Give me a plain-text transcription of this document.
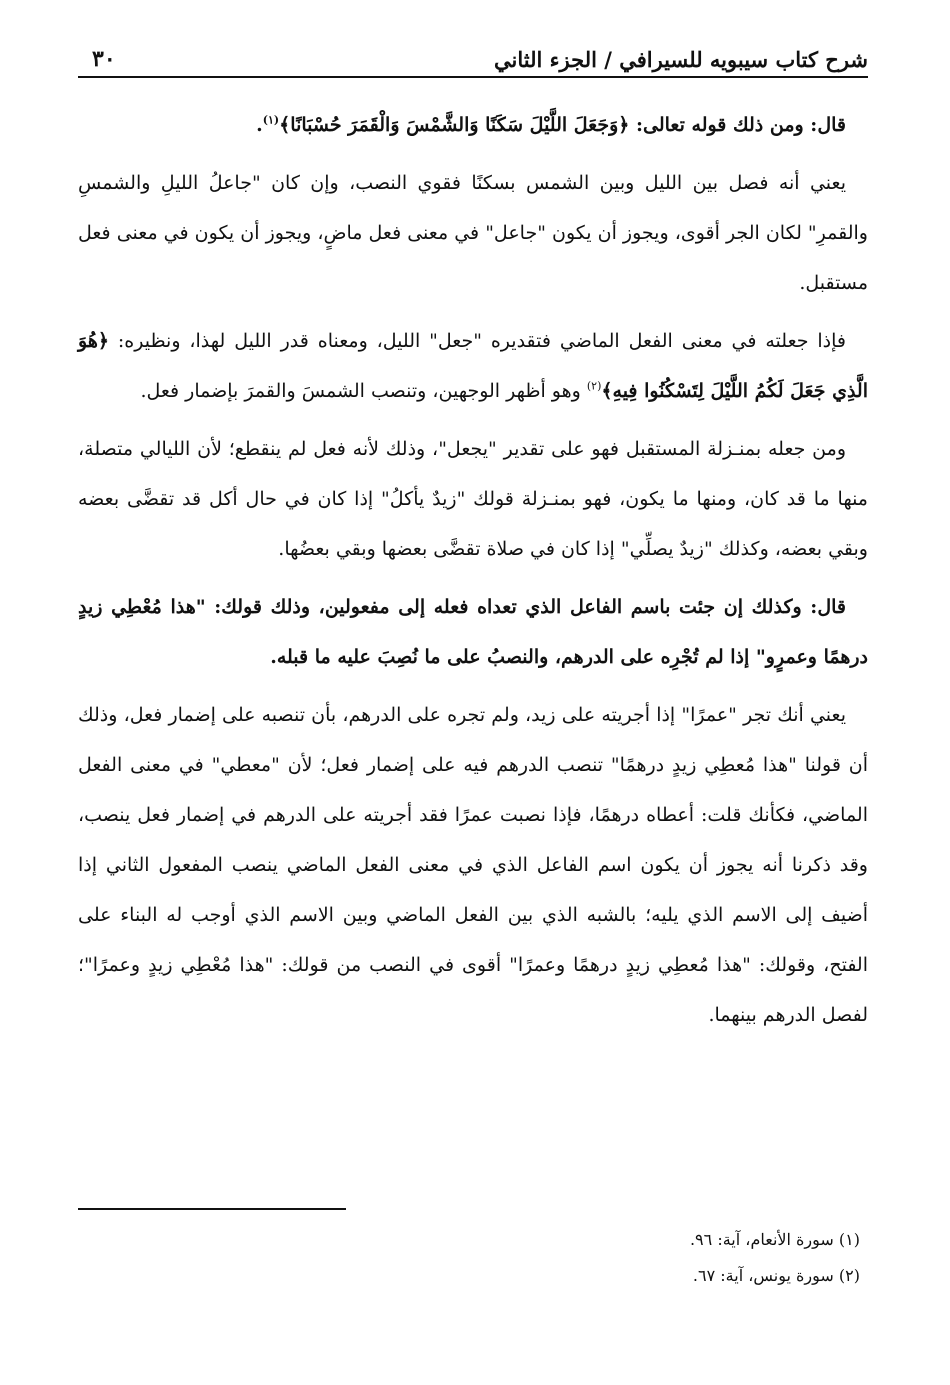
شرح كتاب سيبويه للسيرافي / الجزء الثاني
٣٠

قال: ومن ذلك قوله تعالى: ﴿وَجَعَلَ اللَّيْلَ سَكَنًا وَالشَّمْسَ وَالْقَمَرَ حُسْبَانًا﴾$^{(١)}$.

يعني أنه فصل بين الليل وبين الشمس بسكنًا فقوي النصب، وإن كان "جاعلُ الليلِ والشمسِ والقمرِ" لكان الجر أقوى، ويجوز أن يكون "جاعل" في معنى فعل ماضٍ، ويجوز أن يكون في معنى فعل مستقبل.

فإذا جعلته في معنى الفعل الماضي فتقديره "جعل" الليل، ومعناه قدر الليل لهذا، ونظيره: ﴿هُوَ الَّذِي جَعَلَ لَكُمُ اللَّيْلَ لِتَسْكُنُوا فِيهِ﴾$^{(٢)}$ وهو أظهر الوجهين، وتنصب الشمسَ والقمرَ بإضمار فعل.

ومن جعله بمنـزلة المستقبل فهو على تقدير "يجعل"، وذلك لأنه فعل لم ينقطع؛ لأن الليالي متصلة، منها ما قد كان، ومنها ما يكون، فهو بمنـزلة قولك "زيدٌ يأكلُ" إذا كان في حال أكل قد تقضَّى بعضه وبقي بعضه، وكذلك "زيدٌ يصلِّي" إذا كان في صلاة تقضَّى بعضها وبقي بعضُها.

قال: وكذلك إن جئت باسم الفاعل الذي تعداه فعله إلى مفعولين، وذلك قولك: "هذا مُعْطِي زيدٍ درهمًا وعمرٍو" إذا لم تُجْرِه على الدرهم، والنصبُ على ما نُصِبَ عليه ما قبله.

يعني أنك تجر "عمرًا" إذا أجريته على زيد، ولم تجره على الدرهم، بأن تنصبه على إضمار فعل، وذلك أن قولنا "هذا مُعطِي زيدٍ درهمًا" تنصب الدرهم فيه على إضمار فعل؛ لأن "معطي" في معنى الفعل الماضي، فكأنك قلت: أعطاه درهمًا، فإذا نصبت عمرًا فقد أجريته على الدرهم في إضمار فعل ينصب، وقد ذكرنا أنه يجوز أن يكون اسم الفاعل الذي في معنى الفعل الماضي ينصب المفعول الثاني إذا أضيف إلى الاسم الذي يليه؛ بالشبه الذي بين الفعل الماضي وبين الاسم الذي أوجب له البناء على الفتح، وقولك: "هذا مُعطِي زيدٍ درهمًا وعمرًا" أقوى في النصب من قولك: "هذا مُعْطِي زيدٍ وعمرًا"؛ لفصل الدرهم بينهما.

(١) سورة الأنعام، آية: ٩٦.
(٢) سورة يونس، آية: ٦٧.
